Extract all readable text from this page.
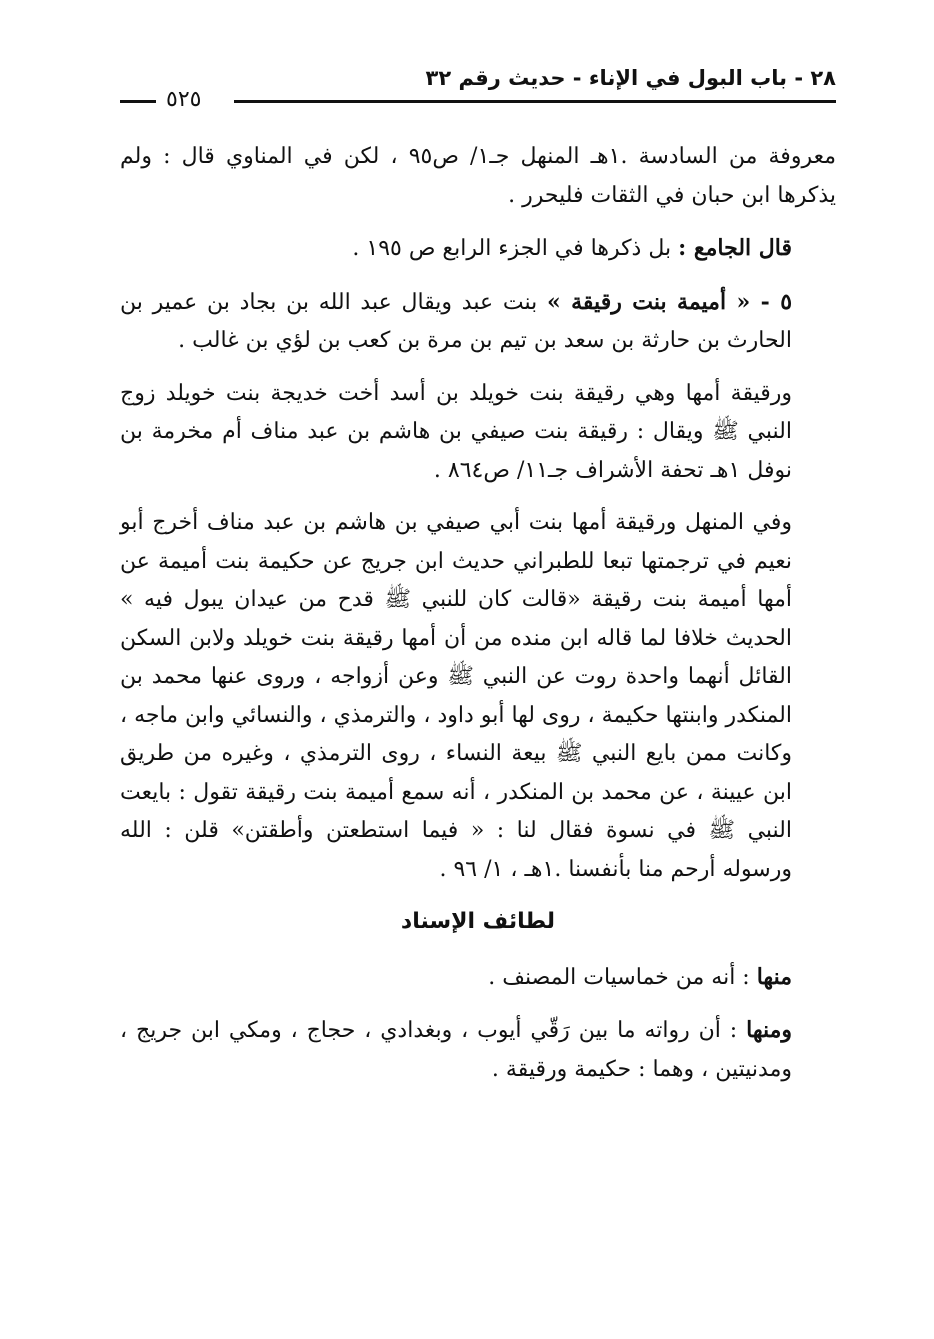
٢٨ - باب البول في الإناء - حديث رقم ٣٢
٥٢٥

معروفة من السادسة .١هـ المنهل جـ١/ ص٩٥ ، لكن في المناوي قال : ولم يذكرها ابن حبان في الثقات فليحرر .

قال الجامع : بل ذكرها في الجزء الرابع ص ١٩٥ .

٥ - « أميمة بنت رقيقة » بنت عبد ويقال عبد الله بن بجاد بن عمير بن الحارث بن حارثة بن سعد بن تيم بن مرة بن كعب بن لؤي بن غالب .

ورقيقة أمها وهي رقيقة بنت خويلد بن أسد أخت خديجة بنت خويلد زوج النبي ﷺ ويقال : رقيقة بنت صيفي بن هاشم بن عبد مناف أم مخرمة بن نوفل ١هـ تحفة الأشراف جـ١١/ ص٨٦٤ .

وفي المنهل ورقيقة أمها بنت أبي صيفي بن هاشم بن عبد مناف أخرج أبو نعيم في ترجمتها تبعا للطبراني حديث ابن جريج عن حكيمة بنت أميمة عن أمها أميمة بنت رقيقة «قالت كان للنبي ﷺ قدح من عيدان يبول فيه » الحديث خلافا لما قاله ابن منده من أن أمها رقيقة بنت خويلد ولابن السكن القائل أنهما واحدة روت عن النبي ﷺ وعن أزواجه ، وروى عنها محمد بن المنكدر وابنتها حكيمة ، روى لها أبو داود ، والترمذي ، والنسائي وابن ماجه ، وكانت ممن بايع النبي ﷺ بيعة النساء ، روى الترمذي ، وغيره من طريق ابن عيينة ، عن محمد بن المنكدر ، أنه سمع أميمة بنت رقيقة تقول : بايعت النبي ﷺ في نسوة فقال لنا : « فيما استطعتن وأطقتن» قلن : الله ورسوله أرحم منا بأنفسنا .١هـ ، ١/ ٩٦ .

لطائف الإسناد

منها : أنه من خماسيات المصنف .

ومنها : أن رواته ما بين رَقّي أيوب ، وبغدادي ، حجاج ، ومكي ابن جريج ، ومدنيتين ، وهما : حكيمة ورقيقة .
